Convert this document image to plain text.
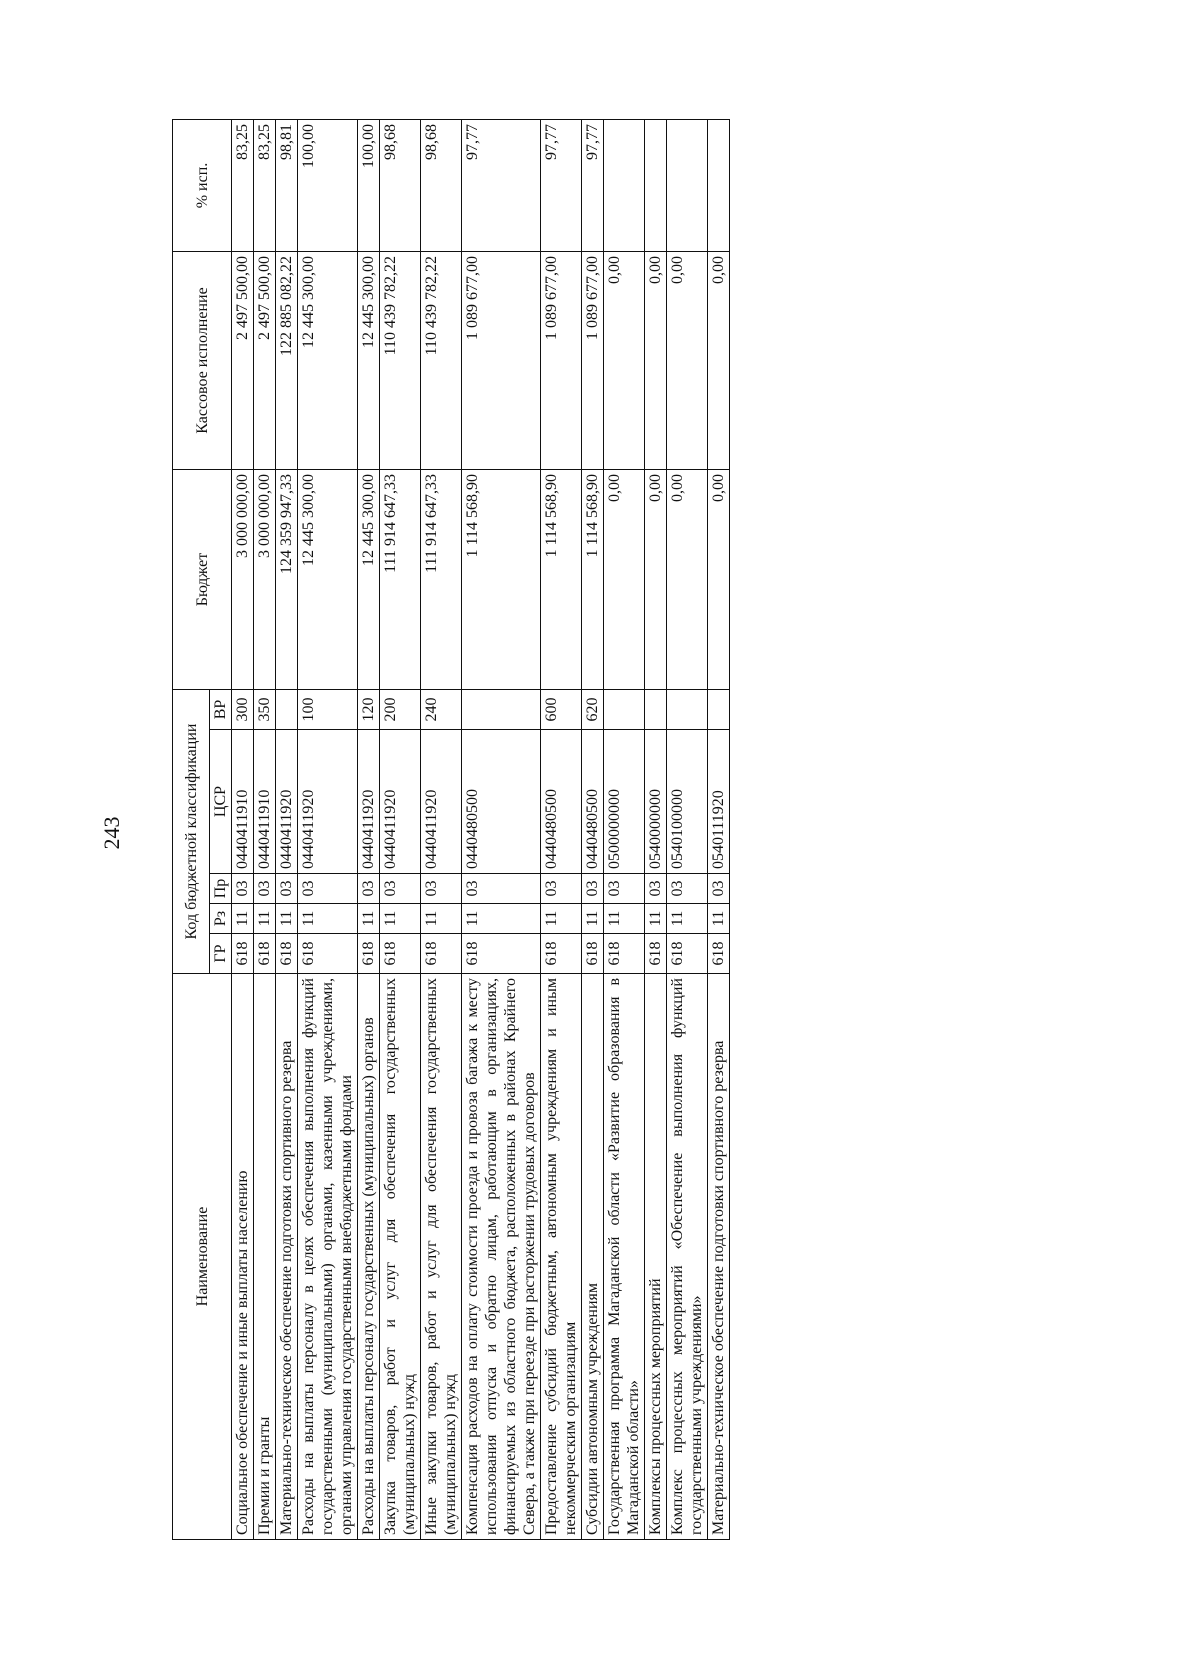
243
Наименование	Код бюджетной классификации					Бюджет	Кассовое исполнение	% исп.
	ГР	Рз	Пр	ЦСР	ВР			
Социальное обеспечение и иные выплаты населению	618	11	03	0440411910	300	3 000 000,00	2 497 500,00	83,25
Премии и гранты	618	11	03	0440411910	350	3 000 000,00	2 497 500,00	83,25
Материально-техническое обеспечение подготовки спортивного резерва	618	11	03	0440411920		124 359 947,33	122 885 082,22	98,81
Расходы на выплаты персоналу в целях обеспечения выполнения функций государственными (муниципальными) органами, казенными учреждениями, органами управления государственными внебюджетными фондами	618	11	03	0440411920	100	12 445 300,00	12 445 300,00	100,00
Расходы на выплаты персоналу государственных (муниципальных) органов	618	11	03	0440411920	120	12 445 300,00	12 445 300,00	100,00
Закупка товаров, работ и услуг для обеспечения государственных (муниципальных) нужд	618	11	03	0440411920	200	111 914 647,33	110 439 782,22	98,68
Иные закупки товаров, работ и услуг для обеспечения государственных (муниципальных) нужд	618	11	03	0440411920	240	111 914 647,33	110 439 782,22	98,68
Компенсация расходов на оплату стоимости проезда и провоза багажа к месту использования отпуска и обратно лицам, работающим в организациях, финансируемых из областного бюджета, расположенных в районах Крайнего Севера, а также при переезде при расторжении трудовых договоров	618	11	03	0440480500		1 114 568,90	1 089 677,00	97,77
Предоставление субсидий бюджетным, автономным учреждениям и иным некоммерческим организациям	618	11	03	0440480500	600	1 114 568,90	1 089 677,00	97,77
Субсидии автономным учреждениям	618	11	03	0440480500	620	1 114 568,90	1 089 677,00	97,77
Государственная программа Магаданской области «Развитие образования в Магаданской области»	618	11	03	0500000000		0,00	0,00	
Комплексы процессных мероприятий	618	11	03	0540000000		0,00	0,00	
Комплекс процессных мероприятий «Обеспечение выполнения функций государственными учреждениями»	618	11	03	0540100000		0,00	0,00	
Материально-техническое обеспечение подготовки спортивного резерва	618	11	03	0540111920		0,00	0,00	
